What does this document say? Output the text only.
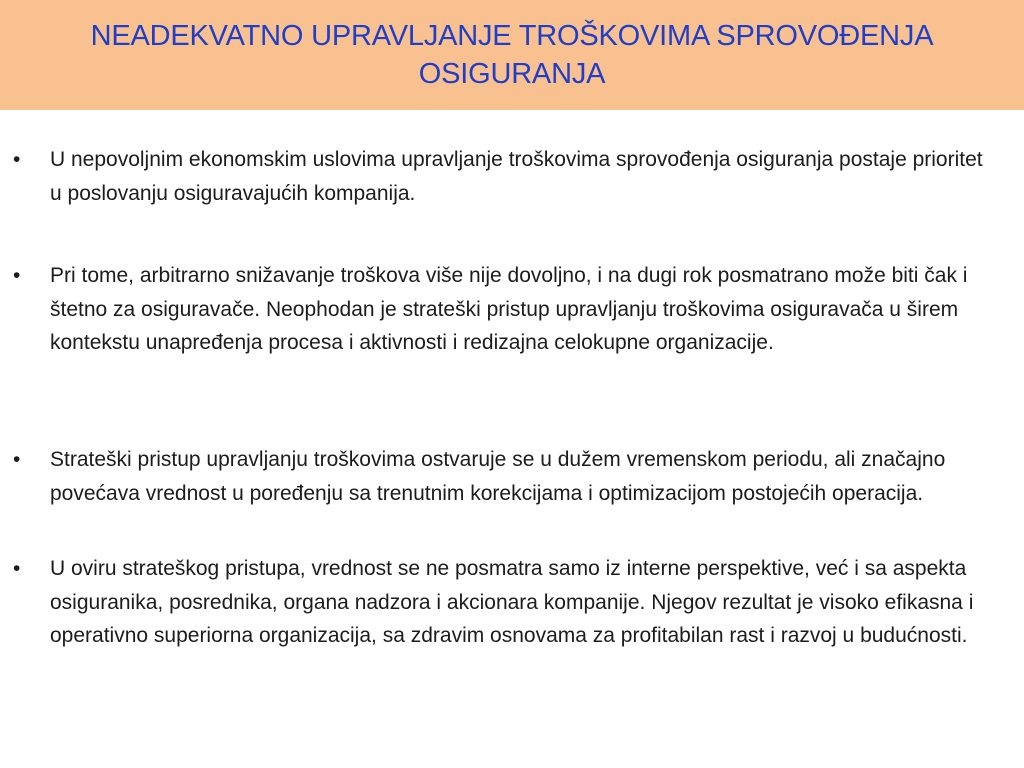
NEADEKVATNO UPRAVLJANJE TROŠKOVIMA SPROVOĐENJA OSIGURANJA
• U nepovoljnim ekonomskim uslovima upravljanje troškovima sprovođenja osiguranja postaje prioritet u poslovanju osiguravajućih kompanija.
• Pri tome, arbitrarno snižavanje troškova više nije dovoljno, i na dugi rok posmatrano može biti čak i štetno za osiguravače. Neophodan je strateški pristup upravljanju troškovima osiguravača u širem kontekstu unapređenja procesa i aktivnosti i redizajna celokupne organizacije.
• Strateški pristup upravljanju troškovima ostvaruje se u dužem vremenskom periodu, ali značajno povećava vrednost u poređenju sa trenutnim korekcijama i optimizacijom postojećih operacija.
• U oviru strateškog pristupa, vrednost se ne posmatra samo iz interne perspektive, već i sa aspekta osiguranika, posrednika, organa nadzora i akcionara kompanije. Njegov rezultat je visoko efikasna i operativno superiorna organizacija, sa zdravim osnovama za profitabilan rast i razvoj u budućnosti.
